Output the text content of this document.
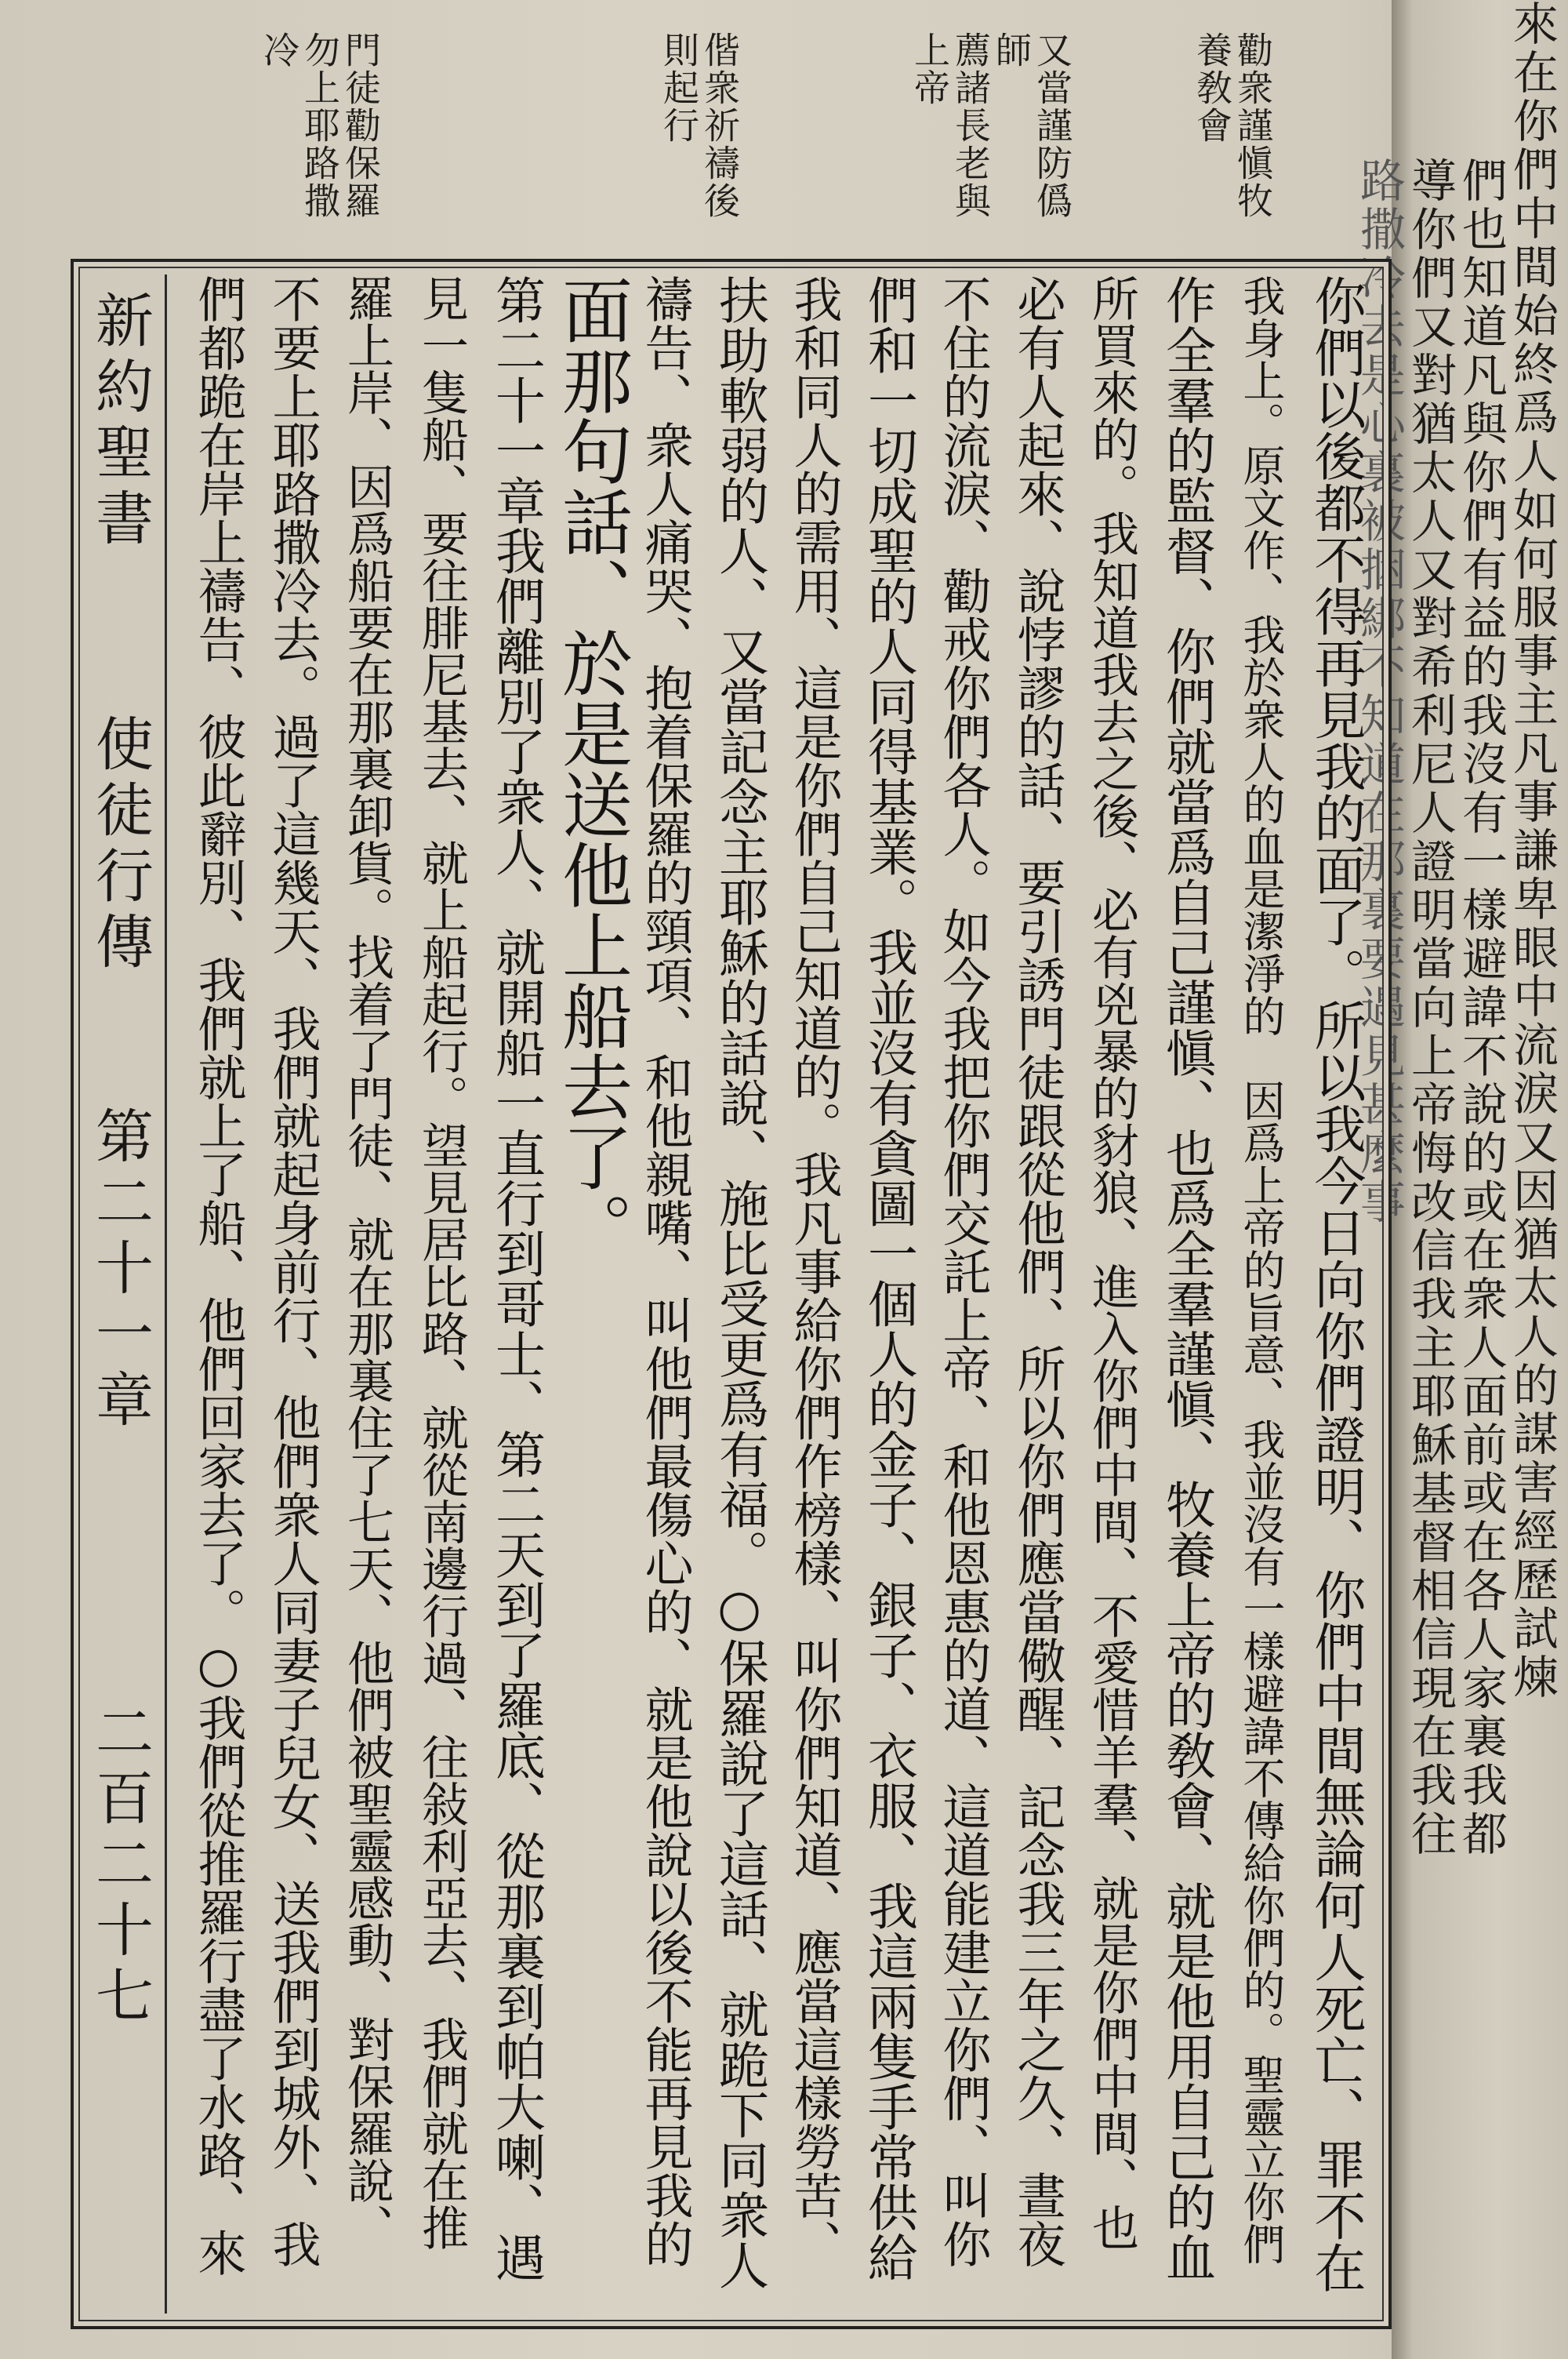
來在你們中間始終爲人如何服事主凡事謙卑眼中流淚又因猶太人的謀害經歷試煉
們也知道凡與你們有益的我沒有一樣避諱不說的或在衆人面前或在各人家裏我都
導你們又對猶太人又對希利尼人證明當向上帝悔改信我主耶穌基督相信現在我往
路撒冷去是心裏被捆綁不知道在那裏要遇見甚麼事

勸衆謹愼牧
養敎會
又當謹防僞
師
薦諸長老與
上帝
偕衆祈禱後
則起行
門徒勸保羅
勿上耶路撒
冷
新約聖書
使徒行傳
第二十一章
二百二十七	你們以後都不得再見我的面了。所以我今日向你們證明、你們中間無論何人死亡、罪不在
我身上。原文作、我於衆人的血是潔淨的　因爲上帝的旨意、我並沒有一樣避諱不傳給你們的。聖靈立你們
作全羣的監督、你們就當爲自己謹愼、也爲全羣謹愼、牧養上帝的敎會、就是他用自己的血
所買來的。我知道我去之後、必有兇暴的豺狼、進入你們中間、不愛惜羊羣、就是你們中間、也
必有人起來、說悖謬的話、要引誘門徒跟從他們、所以你們應當儆醒、記念我三年之久、晝夜
不住的流淚、勸戒你們各人。如今我把你們交託上帝、和他恩惠的道、這道能建立你們、叫你
們和一切成聖的人同得基業。我並沒有貪圖一個人的金子、銀子、衣服、我這兩隻手常供給
我和同人的需用、這是你們自己知道的。我凡事給你們作榜樣、叫你們知道、應當這樣勞苦、
扶助軟弱的人、又當記念主耶穌的話說、施比受更爲有福。○保羅說了這話、就跪下同衆人
禱告、衆人痛哭、抱着保羅的頸項、和他親嘴、叫他們最傷心的、就是他說以後不能再見我的
面那句話、於是送他上船去了。
第二十一章我們離別了衆人、就開船一直行到哥士、第二天到了羅底、從那裏到帕大喇、遇
見一隻船、要往腓尼基去、就上船起行。望見居比路、就從南邊行過、往敍利亞去、我們就在推
羅上岸、因爲船要在那裏卸貨。找着了門徒、就在那裏住了七天、他們被聖靈感動、對保羅說、
不要上耶路撒冷去。過了這幾天、我們就起身前行、他們衆人同妻子兒女、送我們到城外、我
們都跪在岸上禱告、彼此辭別、我們就上了船、他們回家去了。○我們從推羅行盡了水路、來
